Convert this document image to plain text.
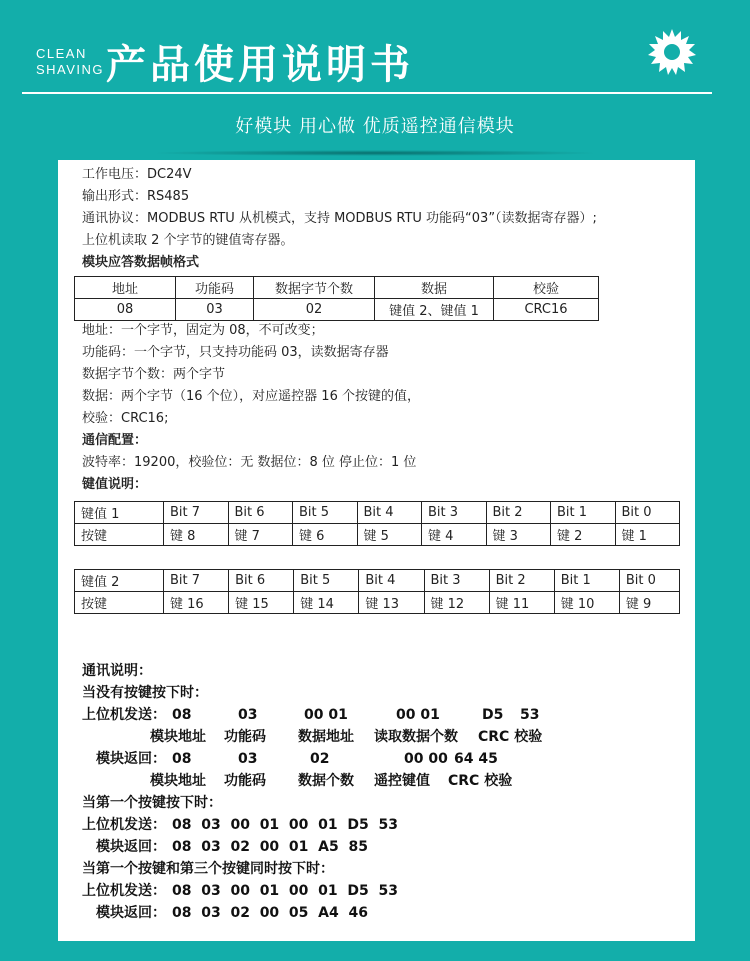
CLEAN
SHAVING 产品使用说明书
好模块 用心做 优质遥控通信模块
工作电压：DC24V
输出形式：RS485
通讯协议：MODBUS RTU 从机模式，支持 MODBUS RTU 功能码“03”（读数据寄存器）;
上位机读取 2 个字节的键值寄存器。
模块应答数据帧格式
地址	功能码	数据字节个数	数据	校验
08	03	02	键值 2、键值 1	CRC16
地址：一个字节，固定为 08，不可改变；
功能码：一个字节，只支持功能码 03，读数据寄存器
数据字节个数：两个字节
数据：两个字节（16 个位），对应遥控器 16 个按键的值，
校验：CRC16;
通信配置：
波特率：19200，校验位：无 数据位：8 位 停止位：1 位
键值说明：
键值 1	Bit 7	Bit 6	Bit 5	Bit 4	Bit 3	Bit 2	Bit 1	Bit 0
按键	键 8	键 7	键 6	键 5	键 4	键 3	键 2	键 1
键值 2	Bit 7	Bit 6	Bit 5	Bit 4	Bit 3	Bit 2	Bit 1	Bit 0
按键	键 16	键 15	键 14	键 13	键 12	键 11	键 10	键 9
通讯说明：
当没有按键按下时：
上位机发送： 08	03	00 01	00 01	D5 53
模块地址 功能码 数据地址 读取数据个数 CRC 校验
模块返回： 08	03	02	00 00 64 45
模块地址 功能码 数据个数 遥控键值 CRC 校验
当第一个按键按下时：
上位机发送： 08  03  00  01  00  01  D5  53
模块返回： 08  03  02  00  01  A5  85
当第一个按键和第三个按键同时按下时：
上位机发送： 08  03  00  01  00  01  D5  53
模块返回： 08  03  02  00  05  A4  46
